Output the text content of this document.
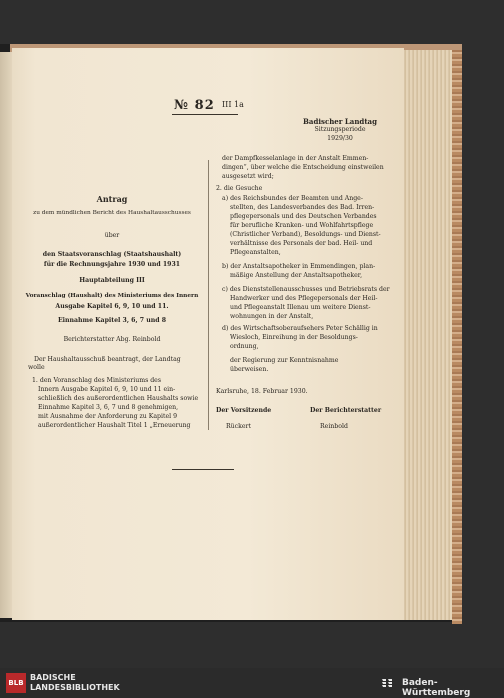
№ 82 III 1a
Badischer Landtag
Sitzungsperiode
1929/30
Antrag
zu dem mündlichen Bericht des Haushaltausschusses
über
den Staatsvoranschlag (Staatshaushalt)
für die Rechnungsjahre 1930 und 1931
Hauptabteilung III
Voranschlag (Haushalt) des Ministeriums des Innern
Ausgabe Kapitel 6, 9, 10 und 11.
Einnahme Kapitel 3, 6, 7 und 8
Berichterstatter Abg. Reinbold
Der Haushaltausschuß beantragt, der Landtag
wolle
1. den Voranschlag des Ministeriums des
Innern Ausgabe Kapitel 6, 9, 10 und 11 ein-
schließlich des außerordentlichen Haushalts sowie
Einnahme Kapitel 3, 6, 7 und 8 genehmigen,
mit Ausnahme der Anforderung zu Kapitel 9
außerordentlicher Haushalt Titel 1 „Erneuerung
der Dampfkesselanlage in der Anstalt Emmen-
dingen“, über welche die Entscheidung einstweilen
ausgesetzt wird;
2. die Gesuche
a) des Reichsbundes der Beamten und Ange-
stellten, des Landesverbandes des Bad. Irren-
pflegepersonals und des Deutschen Verbandes
für berufliche Kranken- und Wohlfahrtspflege
(Christlicher Verband), Besoldungs- und Dienst-
verhältnisse des Personals der bad. Heil- und
Pflegeanstalten,
b) der Anstaltsapotheker in Emmendingen, plan-
mäßige Anstellung der Anstaltsapotheker,
c) des Dienststellenausschusses und Betriebsrats der
Handwerker und des Pflegepersonals der Heil-
und Pflegeanstalt Illenau um weitere Dienst-
wohnungen in der Anstalt,
d) des Wirtschaftsoberaufsehers Peter Schällig in
Wiesloch, Einreihung in der Besoldungs-
ordnung,
der Regierung zur Kenntnisnahme
überweisen.
Karlsruhe, 18. Februar 1930.
Der Vorsitzende	Der Berichterstatter
Rückert	Reinbold
BLB
BADISCHE
LANDESBIBLIOTHEK	Baden-Württemberg
